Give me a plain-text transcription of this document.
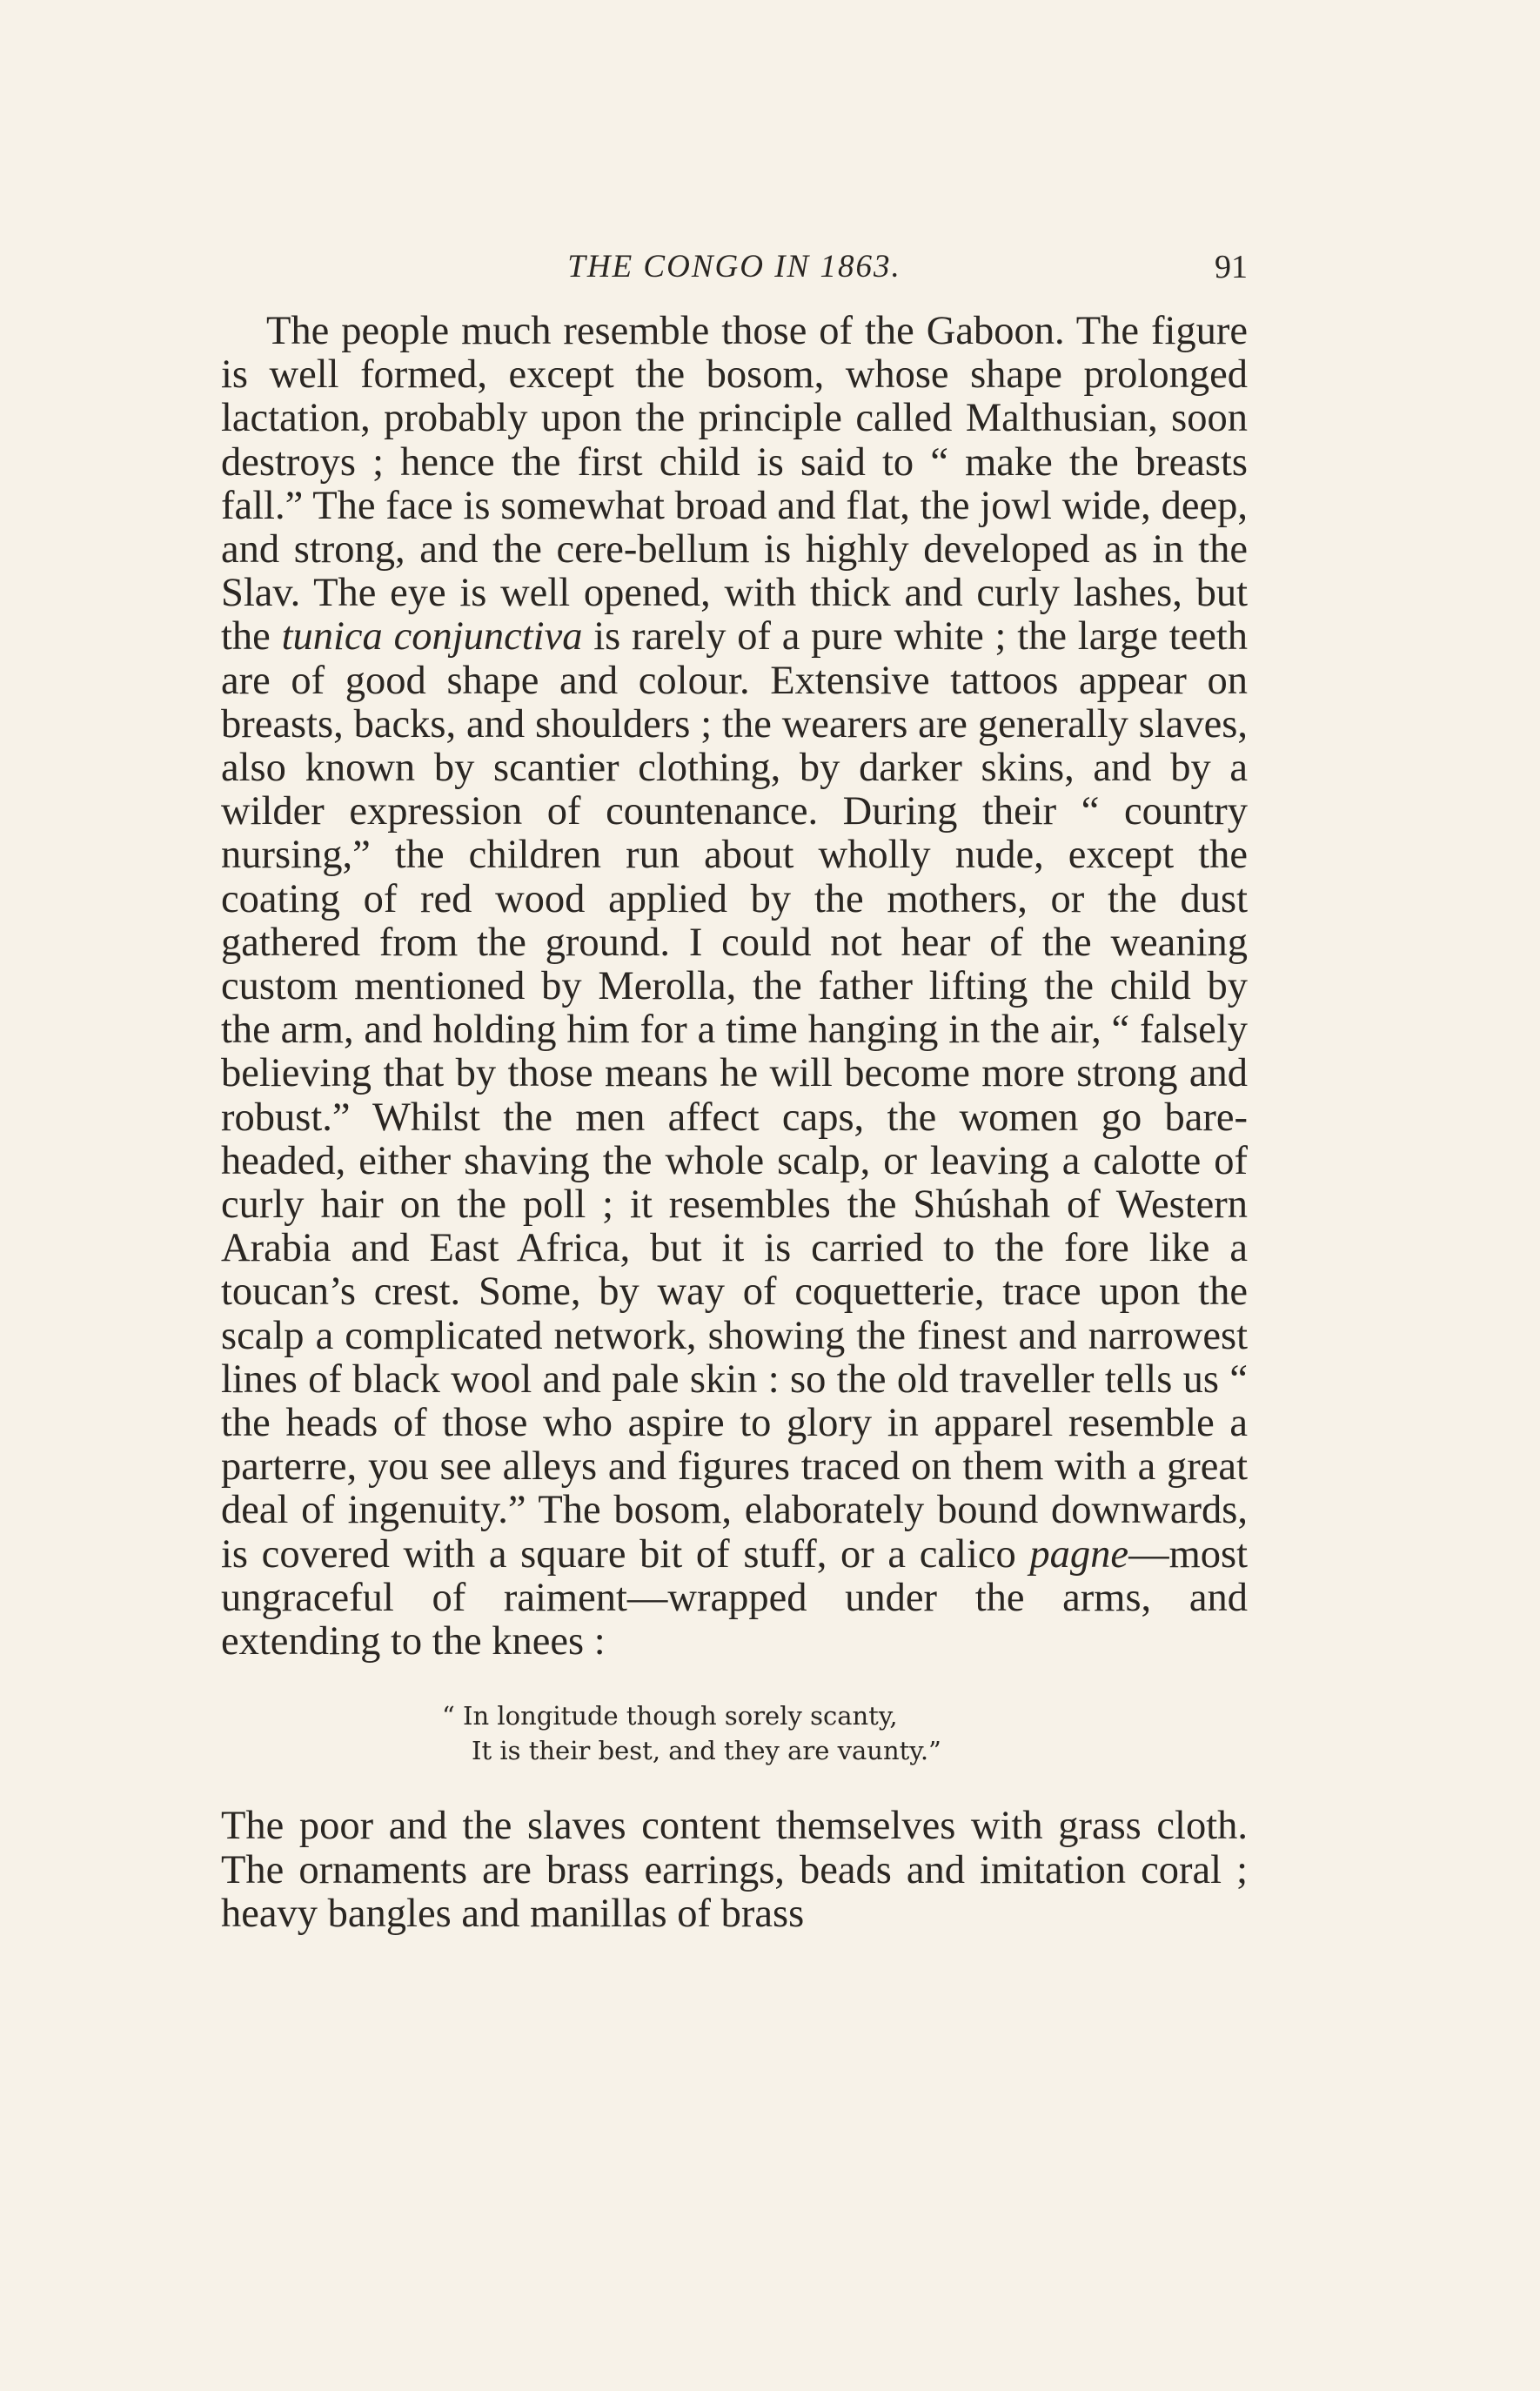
THE CONGO IN 1863.	91

The people much resemble those of the Gaboon. The figure is well formed, except the bosom, whose shape prolonged lactation, probably upon the principle called Malthusian, soon destroys ; hence the first child is said to “ make the breasts fall.” The face is somewhat broad and flat, the jowl wide, deep, and strong, and the cere-bellum is highly developed as in the Slav. The eye is well opened, with thick and curly lashes, but the tunica conjunctiva is rarely of a pure white ; the large teeth are of good shape and colour. Extensive tattoos appear on breasts, backs, and shoulders ; the wearers are generally slaves, also known by scantier clothing, by darker skins, and by a wilder expression of countenance. During their “ country nursing,” the children run about wholly nude, except the coating of red wood applied by the mothers, or the dust gathered from the ground. I could not hear of the weaning custom mentioned by Merolla, the father lifting the child by the arm, and holding him for a time hanging in the air, “ falsely believing that by those means he will become more strong and robust.” Whilst the men affect caps, the women go bare-headed, either shaving the whole scalp, or leaving a calotte of curly hair on the poll ; it resembles the Shúshah of Western Arabia and East Africa, but it is carried to the fore like a toucan’s crest. Some, by way of coquetterie, trace upon the scalp a complicated network, showing the finest and narrowest lines of black wool and pale skin : so the old traveller tells us “ the heads of those who aspire to glory in apparel resemble a parterre, you see alleys and figures traced on them with a great deal of ingenuity.” The bosom, elaborately bound downwards, is covered with a square bit of stuff, or a calico pagne—most ungraceful of raiment—wrapped under the arms, and extending to the knees :

“ In longitude though sorely scanty,
It is their best, and they are vaunty.”

The poor and the slaves content themselves with grass cloth. The ornaments are brass earrings, beads and imitation coral ; heavy bangles and manillas of brass
